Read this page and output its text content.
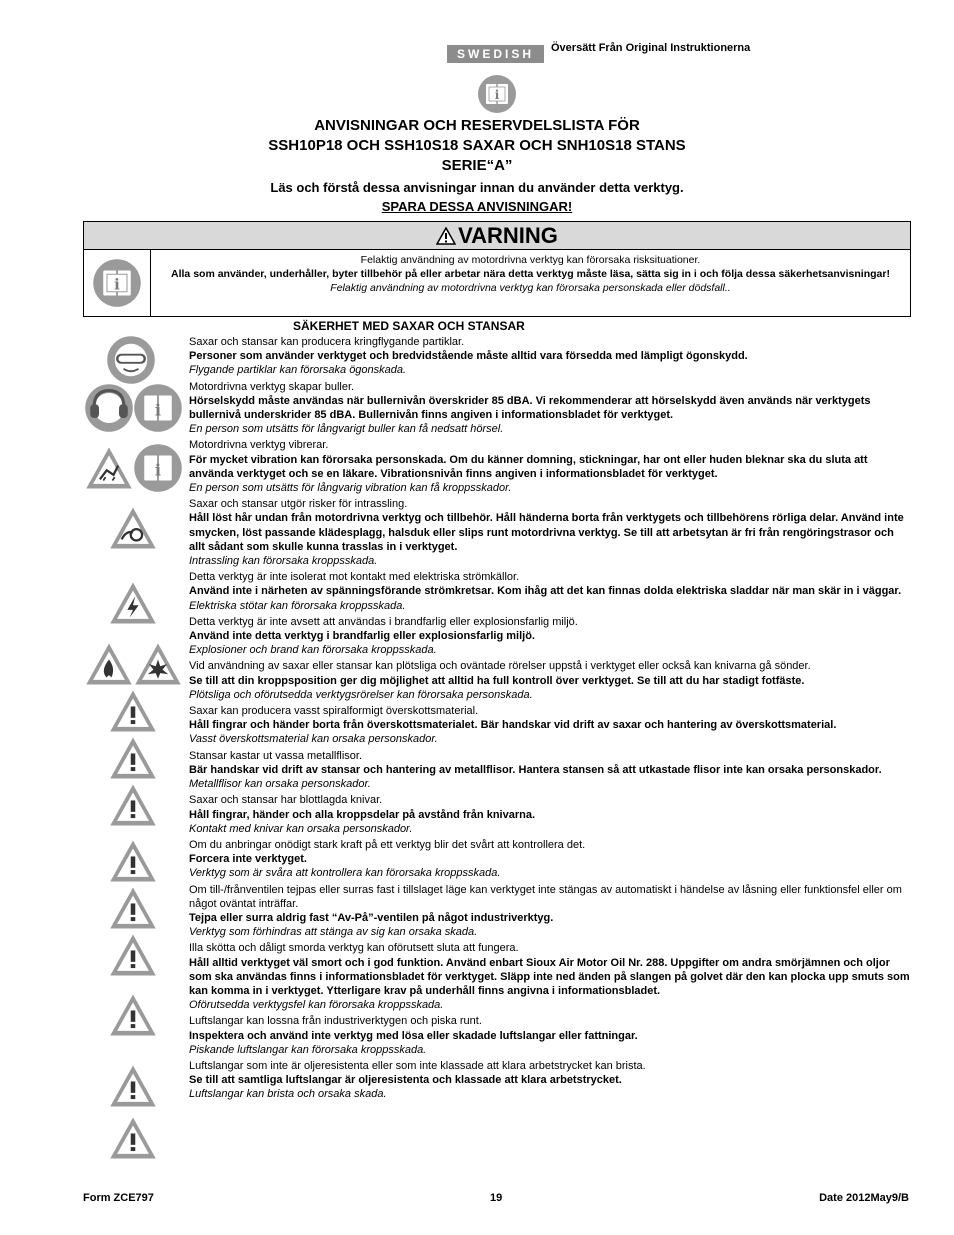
SWEDISH	Översätt Från Original Instruktionerna
i
ANVISNINGAR OCH RESERVDELSLISTA FÖR
SSH10P18 OCH SSH10S18 SAXAR OCH SNH10S18 STANS
SERIE“A”
Läs och förstå dessa anvisningar innan du använder detta verktyg.
SPARA DESSA ANVISNINGAR!
VARNING
i
Felaktig användning av motordrivna verktyg kan förorsaka risksituationer.
Alla som använder, underhåller, byter tillbehör på eller arbetar nära detta verktyg måste läsa, sätta sig in i och följa dessa säkerhetsanvisningar!
Felaktig användning av motordrivna verktyg kan förorsaka personskada eller dödsfall..
SÄKERHET MED SAXAR OCH STANSAR
i
i
Saxar och stansar kan producera kringflygande partiklar.
Personer som använder verktyget och bredvidstående måste alltid vara försedda med lämpligt ögonskydd.
Flygande partiklar kan förorsaka ögonskada.
Motordrivna verktyg skapar buller.
Hörselskydd måste användas när bullernivån överskrider 85 dBA. Vi rekommenderar att hörselskydd även används när verktygets bullernivå underskrider 85 dBA. Bullernivån finns angiven i informationsbladet för verktyget.
En person som utsätts för långvarigt buller kan få nedsatt hörsel.
Motordrivna verktyg vibrerar.
För mycket vibration kan förorsaka personskada. Om du känner domning, stickningar, har ont eller huden bleknar ska du sluta att använda verktyget och se en läkare. Vibrationsnivån finns angiven i informationsbladet för verktyget.
En person som utsätts för långvarig vibration kan få kroppsskador.
Saxar och stansar utgör risker för intrassling.
Håll löst hår undan från motordrivna verktyg och tillbehör. Håll händerna borta från verktygets och tillbehörens rörliga delar. Använd inte smycken, löst passande klädesplagg, halsduk eller slips runt motordrivna verktyg. Se till att arbetsytan är fri från rengöringstrasor och allt sådant som skulle kunna trasslas in i verktyget.
Intrassling kan förorsaka kroppsskada.
Detta verktyg är inte isolerat mot kontakt med elektriska strömkällor.
Använd inte i närheten av spänningsförande strömkretsar. Kom ihåg att det kan finnas dolda elektriska sladdar när man skär in i väggar.
Elektriska stötar kan förorsaka kroppsskada.
Detta verktyg är inte avsett att användas i brandfarlig eller explosionsfarlig miljö.
Använd inte detta verktyg i brandfarlig eller explosionsfarlig miljö.
Explosioner och brand kan förorsaka kroppsskada.
Vid användning av saxar eller stansar kan plötsliga och oväntade rörelser uppstå i verktyget eller också kan knivarna gå sönder.
Se till att din kroppsposition ger dig möjlighet att alltid ha full kontroll över verktyget. Se till att du har stadigt fotfäste.
Plötsliga och oförutsedda verktygsrörelser kan förorsaka personskada.
Saxar kan producera vasst spiralformigt överskottsmaterial.
Håll fingrar och händer borta från överskottsmaterialet. Bär handskar vid drift av saxar och hantering av överskottsmaterial.
Vasst överskottsmaterial kan orsaka personskador.
Stansar kastar ut vassa metallflisor.
Bär handskar vid drift av stansar och hantering av metallflisor. Hantera stansen så att utkastade flisor inte kan orsaka personskador.
Metallflisor kan orsaka personskador.
Saxar och stansar har blottlagda knivar.
Håll fingrar, händer och alla kroppsdelar på avstånd från knivarna.
Kontakt med knivar kan orsaka personskador.
Om du anbringar onödigt stark kraft på ett verktyg blir det svårt att kontrollera det.
Forcera inte verktyget.
Verktyg som är svåra att kontrollera kan förorsaka kroppsskada.
Om till-/frånventilen tejpas eller surras fast i tillslaget läge kan verktyget inte stängas av automatiskt i händelse av låsning eller funktionsfel eller om något oväntat inträffar.
Tejpa eller surra aldrig fast “Av-På”-ventilen på något industriverktyg.
Verktyg som förhindras att stänga av sig kan orsaka skada.
Illa skötta och dåligt smorda verktyg kan oförutsett sluta att fungera.
Håll alltid verktyget väl smort och i god funktion. Använd enbart Sioux Air Motor Oil Nr. 288. Uppgifter om andra smörjämnen och oljor som ska användas finns i informationsbladet för verktyget. Släpp inte ned änden på slangen på golvet där den kan plocka upp smuts som kan komma in i verktyget. Ytterligare krav på underhåll finns angivna i informationsbladet.
Oförutsedda verktygsfel kan förorsaka kroppsskada.
Luftslangar kan lossna från industriverktygen och piska runt.
Inspektera och använd inte verktyg med lösa eller skadade luftslangar eller fattningar.
Piskande luftslangar kan förorsaka kroppsskada.
Luftslangar som inte är oljeresistenta eller som inte klassade att klara arbetstrycket kan brista.
Se till att samtliga luftslangar är oljeresistenta och klassade att klara arbetstrycket.
Luftslangar kan brista och orsaka skada.
Form ZCE797	19	Date 2012May9/B
